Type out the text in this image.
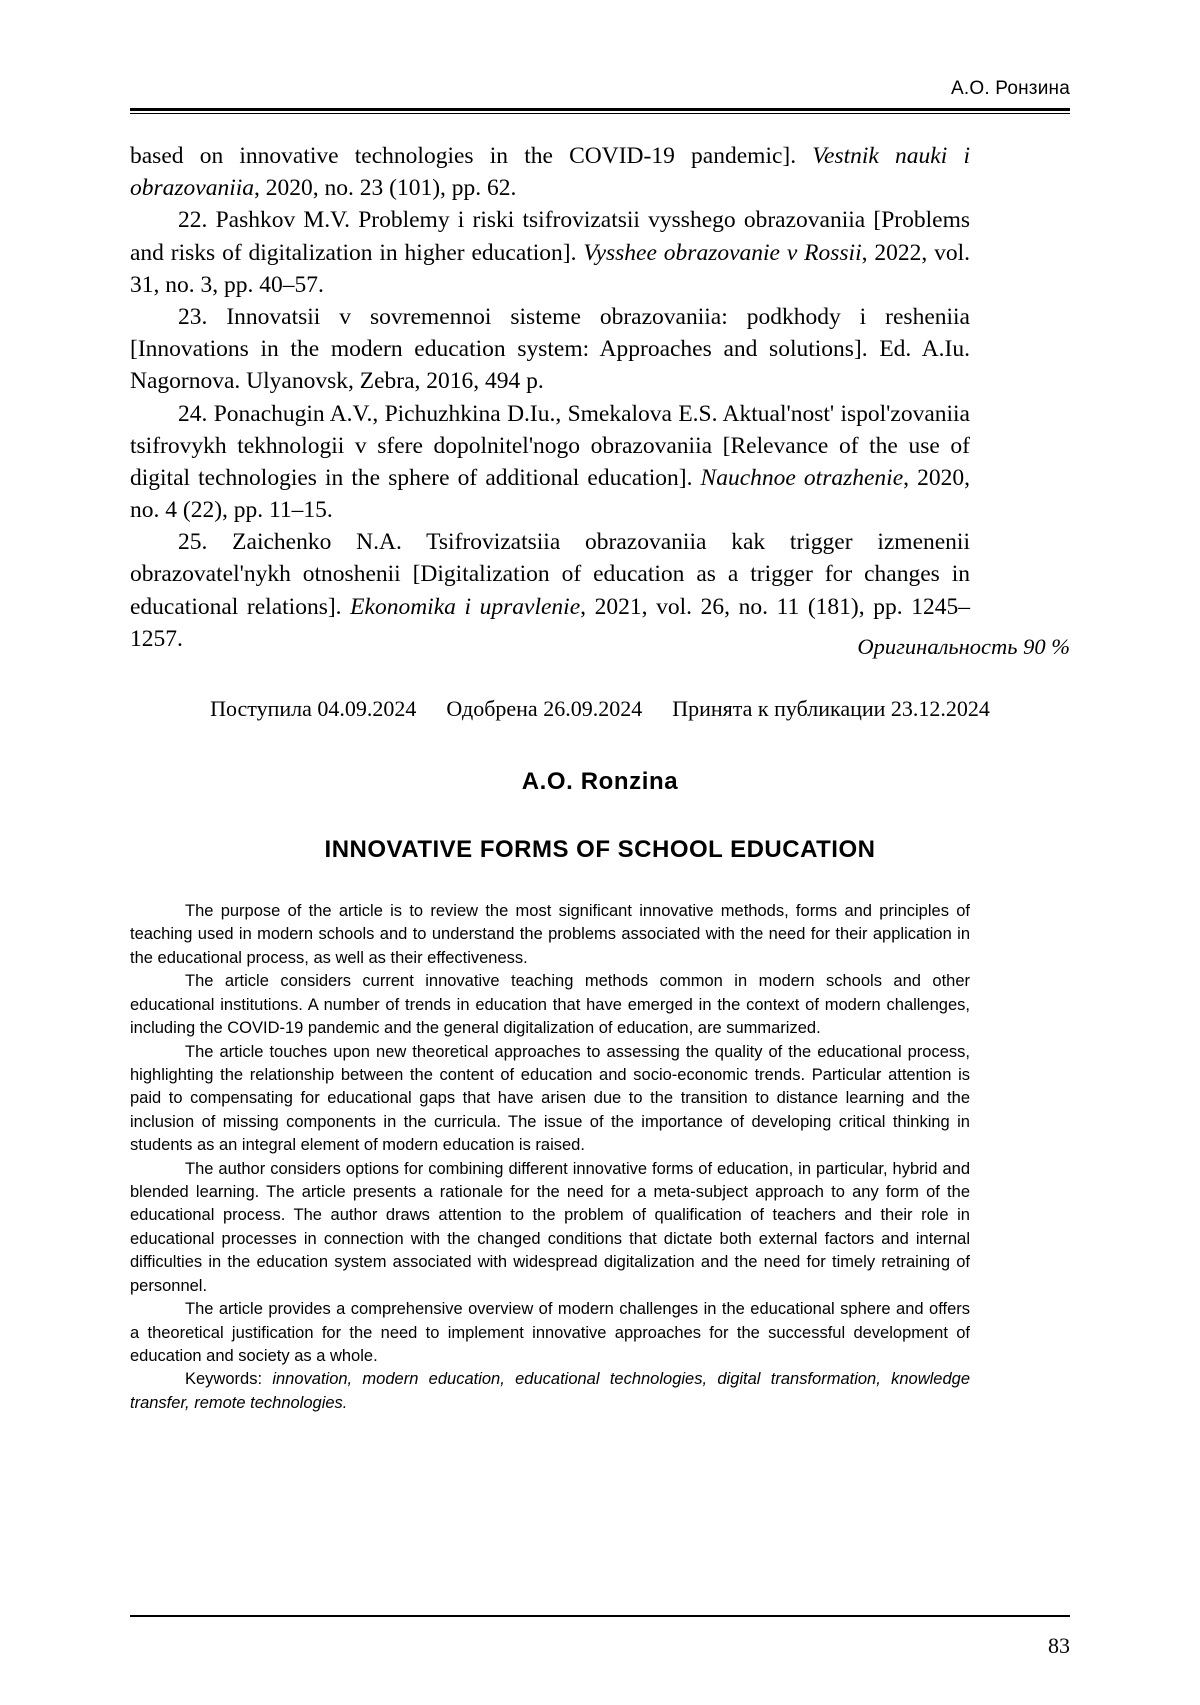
А.О. Ронзина

based on innovative technologies in the COVID-19 pandemic]. Vestnik nauki i obrazovaniia, 2020, no. 23 (101), pp. 62.

22. Pashkov M.V. Problemy i riski tsifrovizatsii vysshego obrazovaniia [Problems and risks of digitalization in higher education]. Vysshee obrazovanie v Rossii, 2022, vol. 31, no. 3, pp. 40–57.

23. Innovatsii v sovremennoi sisteme obrazovaniia: podkhody i resheniia [Innovations in the modern education system: Approaches and solutions]. Ed. A.Iu. Nagornova. Ulyanovsk, Zebra, 2016, 494 p.

24. Ponachugin A.V., Pichuzhkina D.Iu., Smekalova E.S. Aktual'nost' ispol'zovaniia tsifrovykh tekhnologii v sfere dopolnitel'nogo obrazovaniia [Relevance of the use of digital technologies in the sphere of additional education]. Nauchnoe otrazhenie, 2020, no. 4 (22), pp. 11–15.

25. Zaichenko N.A. Tsifrovizatsiia obrazovaniia kak trigger izmenenii obrazovatel'nykh otnoshenii [Digitalization of education as a trigger for changes in educational relations]. Ekonomika i upravlenie, 2021, vol. 26, no. 11 (181), pp. 1245–1257.	Оригинальность 90 %
Поступила 04.09.2024 Одобрена 26.09.2024 Принята к публикации 23.12.2024
A.O. Ronzina
INNOVATIVE FORMS OF SCHOOL EDUCATION

The purpose of the article is to review the most significant innovative methods, forms and principles of teaching used in modern schools and to understand the problems associated with the need for their application in the educational process, as well as their effectiveness.

The article considers current innovative teaching methods common in modern schools and other educational institutions. A number of trends in education that have emerged in the context of modern challenges, including the COVID-19 pandemic and the general digitalization of education, are summarized.

The article touches upon new theoretical approaches to assessing the quality of the educational process, highlighting the relationship between the content of education and socio-economic trends. Particular attention is paid to compensating for educational gaps that have arisen due to the transition to distance learning and the inclusion of missing components in the curricula. The issue of the importance of developing critical thinking in students as an integral element of modern education is raised.

The author considers options for combining different innovative forms of education, in particular, hybrid and blended learning. The article presents a rationale for the need for a meta-subject approach to any form of the educational process. The author draws attention to the problem of qualification of teachers and their role in educational processes in connection with the changed conditions that dictate both external factors and internal difficulties in the education system associated with widespread digitalization and the need for timely retraining of personnel.

The article provides a comprehensive overview of modern challenges in the educational sphere and offers a theoretical justification for the need to implement innovative approaches for the successful development of education and society as a whole.

Keywords: innovation, modern education, educational technologies, digital transformation, knowledge transfer, remote technologies.

83
